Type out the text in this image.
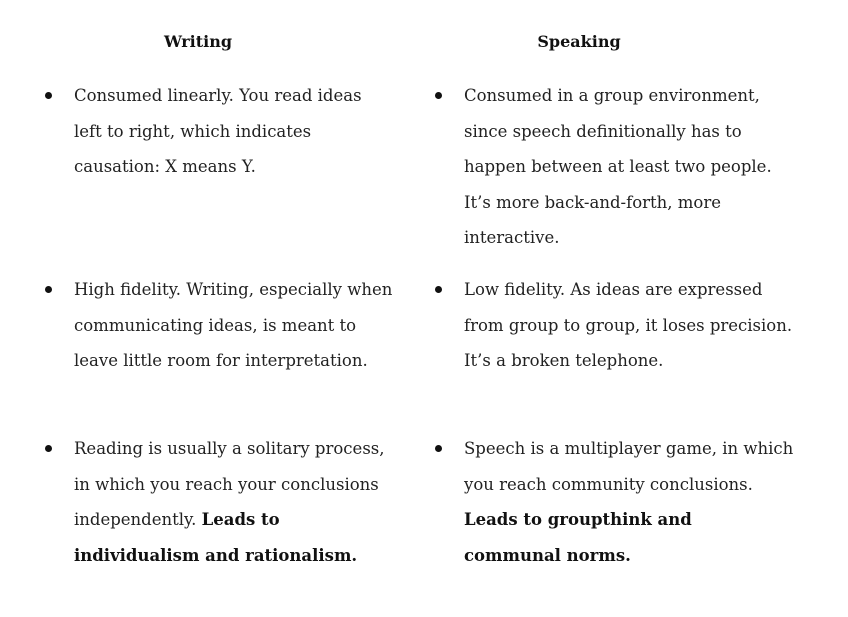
Writing	Speaking
Consumed linearly. You read ideas left to right, which indicates causation: X means Y.
Consumed in a group environment, since speech definitionally has to happen between at least two people. It’s more back-and-forth, more interactive.
High fidelity. Writing, especially when communicating ideas, is meant to leave little room for interpretation.
Low fidelity. As ideas are expressed from group to group, it loses precision. It’s a broken telephone.
Reading is usually a solitary process, in which you reach your conclusions independently. Leads to individualism and rationalism.
Speech is a multiplayer game, in which you reach community conclusions. Leads to groupthink and communal norms.
